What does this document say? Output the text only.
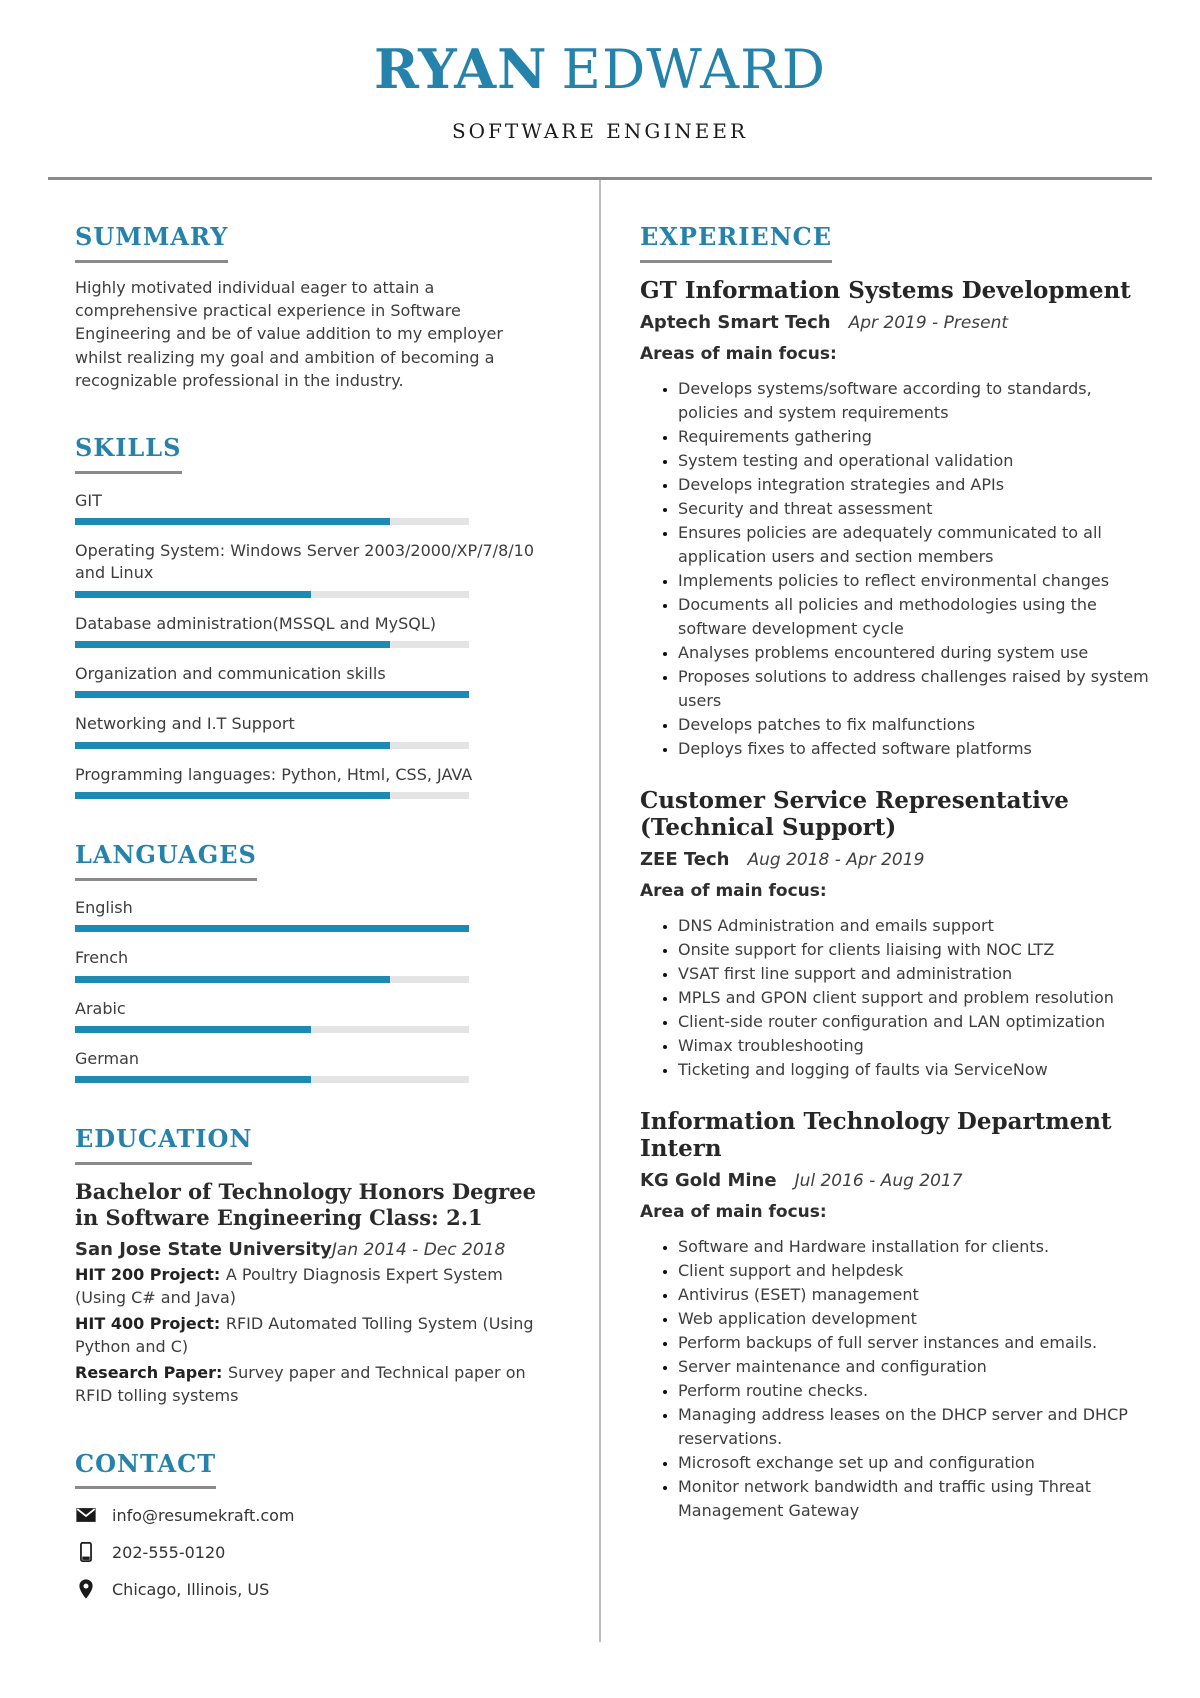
RYAN EDWARD
SOFTWARE ENGINEER
SUMMARY

Highly motivated individual eager to attain a comprehensive practical experience in Software Engineering and be of value addition to my employer whilst realizing my goal and ambition of becoming a recognizable professional in the industry.

SKILLS
GIT
Operating System: Windows Server 2003/2000/XP/7/8/10 and Linux
Database administration(MSSQL and MySQL)
Organization and communication skills
Networking and I.T Support
Programming languages: Python, Html, CSS, JAVA
LANGUAGES
English
French
Arabic
German
EDUCATION
Bachelor of Technology Honors Degree in Software Engineering Class: 2.1
San Jose State UniversityJan 2014 - Dec 2018

HIT 200 Project: A Poultry Diagnosis Expert System (Using C# and Java)

HIT 400 Project: RFID Automated Tolling System (Using Python and C)

Research Paper: Survey paper and Technical paper on RFID tolling systems

CONTACT
info@resumekraft.com
202-555-0120
Chicago, Illinois, US
EXPERIENCE
GT Information Systems Development
Aptech Smart Tech Apr 2019 - Present
Areas of main focus:
• Develops systems/software according to standards, policies and system requirements
• Requirements gathering
• System testing and operational validation
• Develops integration strategies and APIs
• Security and threat assessment
• Ensures policies are adequately communicated to all application users and section members
• Implements policies to reflect environmental changes
• Documents all policies and methodologies using the software development cycle
• Analyses problems encountered during system use
• Proposes solutions to address challenges raised by system users
• Develops patches to fix malfunctions
• Deploys fixes to affected software platforms
Customer Service Representative (Technical Support)
ZEE Tech Aug 2018 - Apr 2019
Area of main focus:
• DNS Administration and emails support
• Onsite support for clients liaising with NOC LTZ
• VSAT first line support and administration
• MPLS and GPON client support and problem resolution
• Client-side router configuration and LAN optimization
• Wimax troubleshooting
• Ticketing and logging of faults via ServiceNow
Information Technology Department Intern
KG Gold Mine Jul 2016 - Aug 2017
Area of main focus:
• Software and Hardware installation for clients.
• Client support and helpdesk
• Antivirus (ESET) management
• Web application development
• Perform backups of full server instances and emails.
• Server maintenance and configuration
• Perform routine checks.
• Managing address leases on the DHCP server and DHCP reservations.
• Microsoft exchange set up and configuration
• Monitor network bandwidth and traffic using Threat Management Gateway
